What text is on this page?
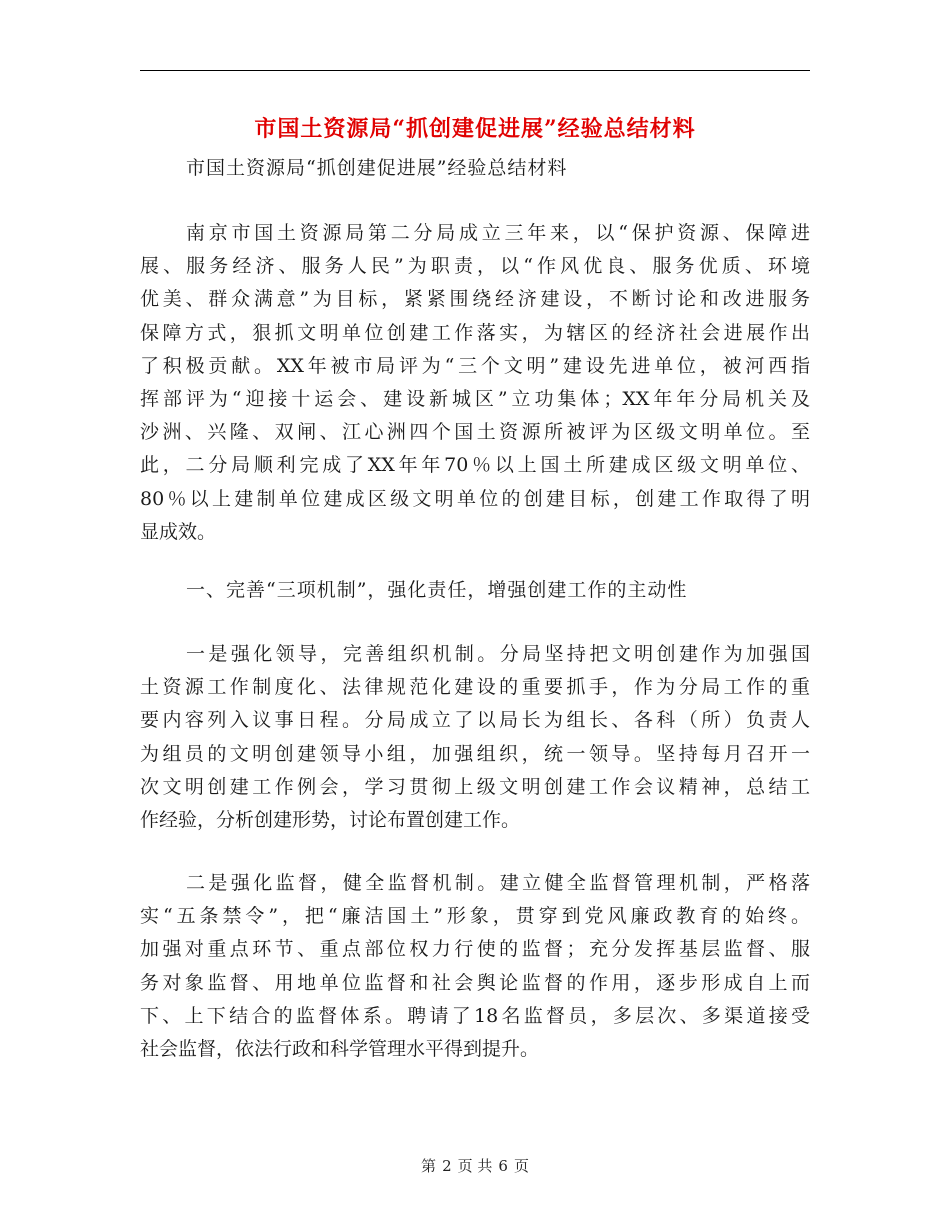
市国土资源局“抓创建促进展”经验总结材料
市国土资源局“抓创建促进展”经验总结材料
南京市国土资源局第二分局成立三年来，以“保护资源、保障进
展、服务经济、服务人民”为职责，以“作风优良、服务优质、环境
优美、群众满意”为目标，紧紧围绕经济建设，不断讨论和改进服务
保障方式，狠抓文明单位创建工作落实，为辖区的经济社会进展作出
了积极贡献。XX年被市局评为“三个文明”建设先进单位，被河西指
挥部评为“迎接十运会、建设新城区”立功集体；XX年年分局机关及
沙洲、兴隆、双闸、江心洲四个国土资源所被评为区级文明单位。至
此，二分局顺利完成了XX年年70％以上国土所建成区级文明单位、
80％以上建制单位建成区级文明单位的创建目标，创建工作取得了明
显成效。
一、完善“三项机制”，强化责任，增强创建工作的主动性
一是强化领导，完善组织机制。分局坚持把文明创建作为加强国
土资源工作制度化、法律规范化建设的重要抓手，作为分局工作的重
要内容列入议事日程。分局成立了以局长为组长、各科（所）负责人
为组员的文明创建领导小组，加强组织，统一领导。坚持每月召开一
次文明创建工作例会，学习贯彻上级文明创建工作会议精神，总结工
作经验，分析创建形势，讨论布置创建工作。
二是强化监督，健全监督机制。建立健全监督管理机制，严格落
实“五条禁令”，把“廉洁国土”形象，贯穿到党风廉政教育的始终。
加强对重点环节、重点部位权力行使的监督；充分发挥基层监督、服
务对象监督、用地单位监督和社会舆论监督的作用，逐步形成自上而
下、上下结合的监督体系。聘请了18名监督员，多层次、多渠道接受
社会监督，依法行政和科学管理水平得到提升。
第 2 页 共 6 页
